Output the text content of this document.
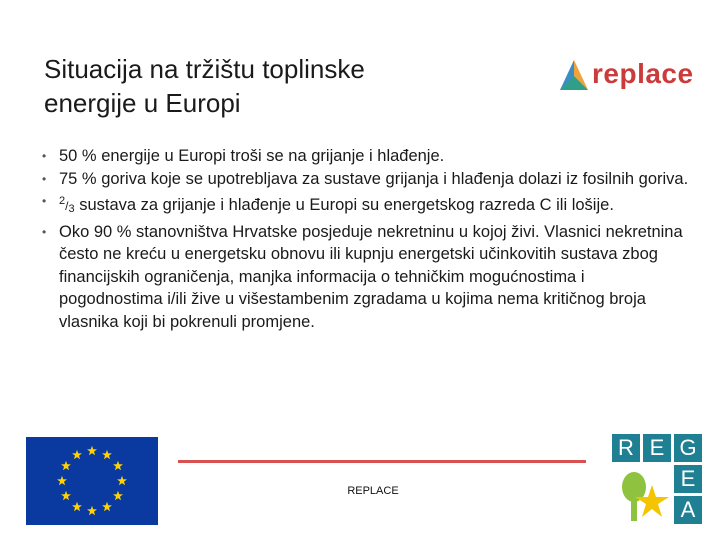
Situacija na tržištu toplinske
energije u Europi
replace
• 50 % energije u Europi troši se na grijanje i hlađenje.
• 75 % goriva koje se upotrebljava za sustave grijanja i hlađenja dolazi iz fosilnih goriva.
•	$^2/_3$ sustava za grijanje i hlađenje u Europi su energetskog razreda C ili lošije.
• Oko 90 % stanovništva Hrvatske posjeduje nekretninu u kojoj živi. Vlasnici nekretnina često ne kreću u energetsku obnovu ili kupnju energetski učinkovitih sustava zbog financijskih ograničenja, manjka informacija o tehničkim mogućnostima i pogodnostima i/ili žive u višestambenim zgradama u kojima nema kritičnog broja vlasnika koji bi pokrenuli promjene.
REPLACE
R E G
E
A
